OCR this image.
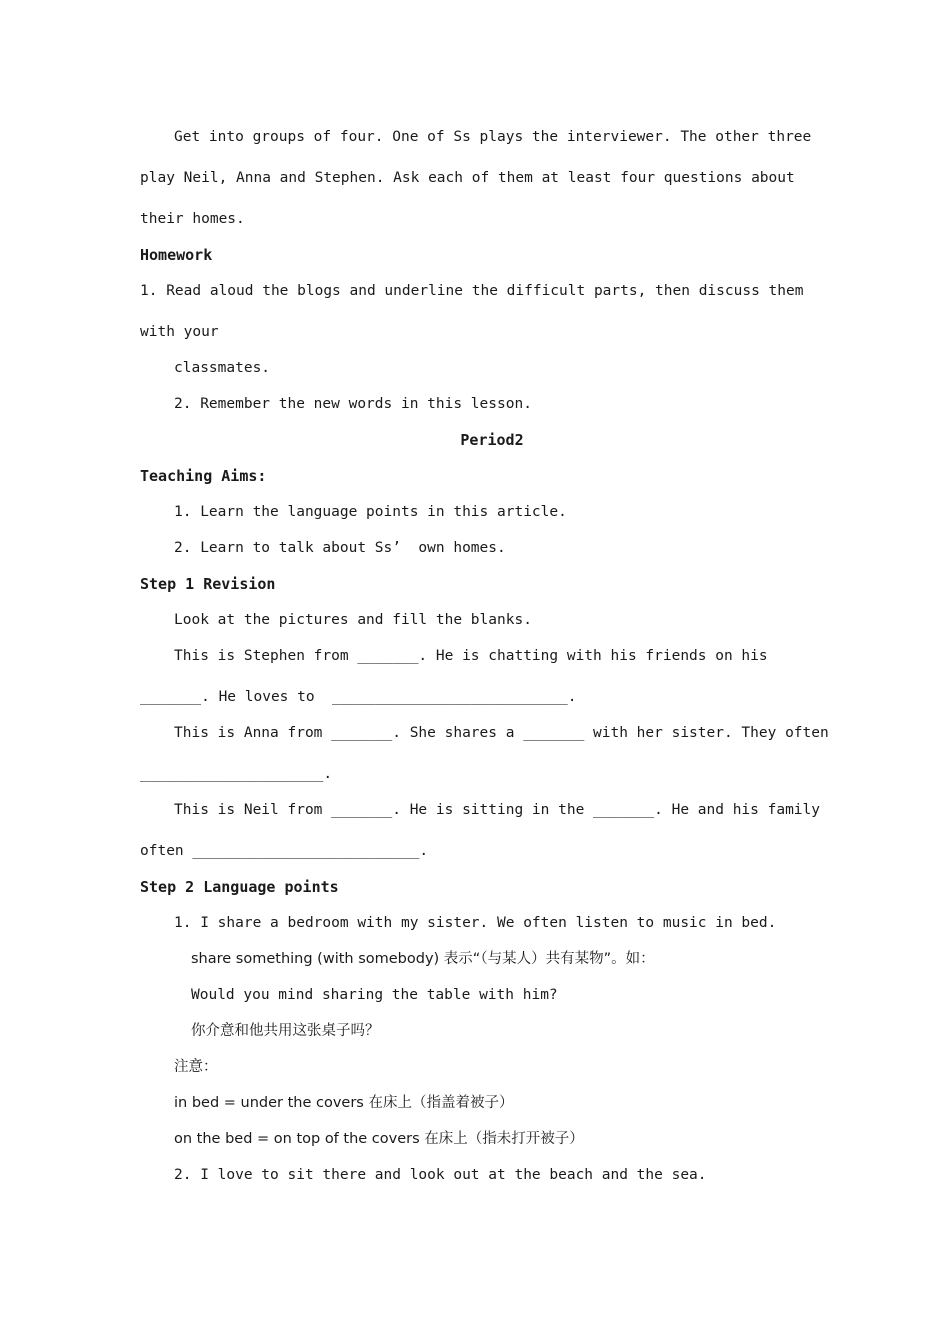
Get into groups of four. One of Ss plays the interviewer. The other three
play Neil, Anna and Stephen. Ask each of them at least four questions about
their homes.
Homework
1. Read aloud the blogs and underline the difficult parts, then discuss them
with your
classmates.
2. Remember the new words in this lesson.
Period2
Teaching Aims:
1. Learn the language points in this article.
2. Learn to talk about Ss’  own homes.
Step 1 Revision
Look at the pictures and fill the blanks.
This is Stephen from _______. He is chatting with his friends on his
_______. He loves to  ___________________________.
This is Anna from _______. She shares a _______ with her sister. They often
_____________________.
This is Neil from _______. He is sitting in the _______. He and his family
often __________________________.
Step 2 Language points
1. I share a bedroom with my sister. We often listen to music in bed.
share something (with somebody) 表示“（与某人）共有某物”。如：
Would you mind sharing the table with him?
你介意和他共用这张桌子吗？
注意：
in bed = under the covers 在床上（指盖着被子）
on the bed = on top of the covers 在床上（指未打开被子）
2. I love to sit there and look out at the beach and the sea.
